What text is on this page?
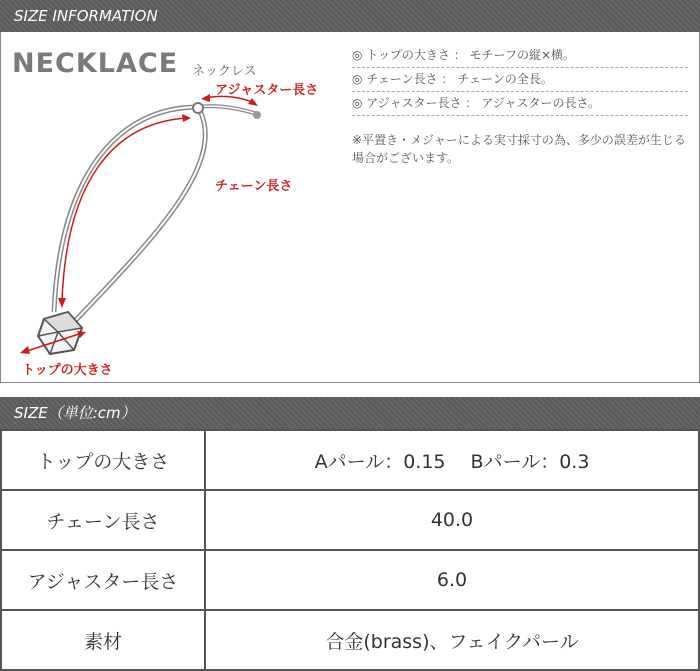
SIZE INFORMATION
NECKLACE ネックレス
アジャスター長さ
チェーン長さ
トップの大きさ
◎ トップの大きさ ： モチーフの縦×横。
◎ チェーン長さ ： チェーンの全長。
◎ アジャスター長さ ： アジャスターの長さ。
※平置き・メジャーによる実寸採寸の為、多少の誤差が生じる場合がございます。
SIZE（単位:cm）
トップの大きさ	Aパール：0.15　 Bパール：0.3
チェーン長さ	40.0
アジャスター長さ	6.0
素材	合金(brass)、フェイクパール
